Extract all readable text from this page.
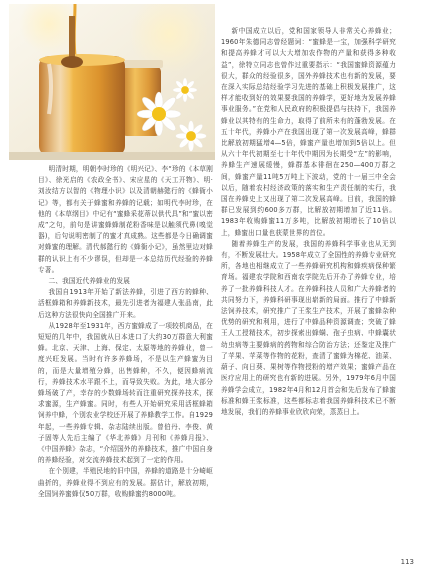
明清时期，明朝李时珍的《明兴记》、李“珍的《本草刚目》、徐光启的《农政全书》、宋应星的《天工开物》、明·刘汝结方以智的《物理小识》以及清朝赫懿行的《蜂衙小记》等，都有关于蜂蜜和养蜂的记载；如明代李时珍，在他的《本草纲目》中记有“蜜蜂采花蒂以供代具”和“蜜以密成”之句，前句是讲蜜蜂蜂制花粉香味是以触须代鼻(嗅觉器)，后句说明密制了的蜜才真成熟。这些都是今日确调蜜对蜂蜜的理解。清代郝懿行的《蜂衙小记》，虽然里边对蜂群的认识上有不少谬误，但却是一本总结历代经验的养蜂专著。

二、我国近代养蜂业的发展

我国自1913年开始了新法养蜂，引进了西方的蜂种、活框蜂箱和养蜂新技术，最先引进者为福建人张品南，此后这种方法很快向全国推广开来。

从1928年至1931年，西方蜜蜂成了一项较机商品，在短短的几年中，我国就从日本进口了大约30万群意大利蜜蜂。北京、天津、上海、保定、太原等地的养蜂业，曾一度兴旺发展。当时有许多养蜂场，不是以生产蜂蜜为目的，而是大量增殖分蜂，出售蜂种，不久，便因蜂病流行，养蜂技术水平跟不上，而导致失败。为此，地大部分蜂场破了产，幸存的少数蜂场转而注重研究探养技术，探求蜜源，生产蜂蜜。同时，有些人开始研究采用活框蜂箱饲养中蜂，个别农业学校还开展了养蜂教学工作。自1929年起，一些养蜂专辑、杂志陆续出版。曾伯丹、李俊、黄子固等人先后主编了《华北养蜂》月刊和《养蜂月报》、《中国养蜂》杂志，“介绍国外的养蜂技术，推广中国自身的养蜂经验，对交流养蜂技术起到了一定的作用。

在个别建，半殖民地的旧中国，养蜂的道路是十分崎岖曲折的，养蜂业得不到应有的发展。据估计，解放初期，全国饲养蜜蜂仅50万群，收购蜂蜜约8000吨。

新中国成立以后，党和国家领导人非常关心养蜂业；1960年朱德同志曾经题词：“蜜蜂是一宝，加强科学研究和提高养蜂才可以大大增加农作物的产量和获得多种收益”，徐特立同志也曾作过重要指示：“我国蜜蜂资源蕴力很大，群众的经验很多，国外养蜂技术也有新的发展，要在深入实际总结经验学习先进的基础上积极发展推广，这样才能收到好的效果要我国的养蜂学，更好地为发展养蜂事业服务。”在党和人民政府的积极提倡与扶持下，我国养蜂业以其特有的生命力，取得了前所未有的蓬勃发展。在五十年代，养蜂小产在我国出现了第一次发展高峰，蜂群比解放初期猛增4—5倍，蜂蜜产量也增加到5倍以上。但从六十年代初期至七十年代中期因为长期受“左”的影响，养蜂生产速展缓慢，蜂群基本徘徊在250—400万群之间，蜂蜜产量11吨5万吨上下波动，党的十一届三中全会以后，随着农村经济政策的落实和生产责任制的实行，我国在养蜂史上又出现了第二次发展高峰。目前，我国的蜂群已发展到约600多万群，比解放初期增加了近11倍。1983年收购蜂蜜11万多吨，比解放初期增长了10倍以上，蜂蜜出口量也获蒙世界的首位。

随着养蜂生产的发展，我国的养蜂科学事业也从无到有，不断发展壮大。1958年成立了全国性的养蜂专业研究所，各地也相继成立了一些养蜂研究机构和蜂疾病保种繁育场。福建农学院和西南农学院先后开办了养蜂专业，培养了一批养蜂科技人才。在养蜂科技人员和广大养蜂者的共同努力下，养蜂科研事现出崭新的局面。推行了中蜂新法饲养技术，研究推广了王浆生产技术，开展了蜜蜂杂种优势的研究和利用，进行了中蜂品种资源调查；突破了蜂王人工授精技术，初步探索出蜂螨、孢子虫病、中蜂囊状幼虫病等主要蜂病的药物和综合防治方法；还鉴定及推广了苹果、苹菜等作物的花粉，查清了蜜蜂为棉花、油菜、葫子、向日葵、果树等作物授粉的增产效果；蜜蜂产品在医疗应用上的研究也有新的进展。另外，1979年6月中国养蜂学会成立，1982年4月和12月首会和先后发布了蜂蜜标准和蜂王浆标准，这些都标志着我国养蜂科技术已不断地发展，我们的养蜂事业欣欣向荣，蒸蒸日上。

113
